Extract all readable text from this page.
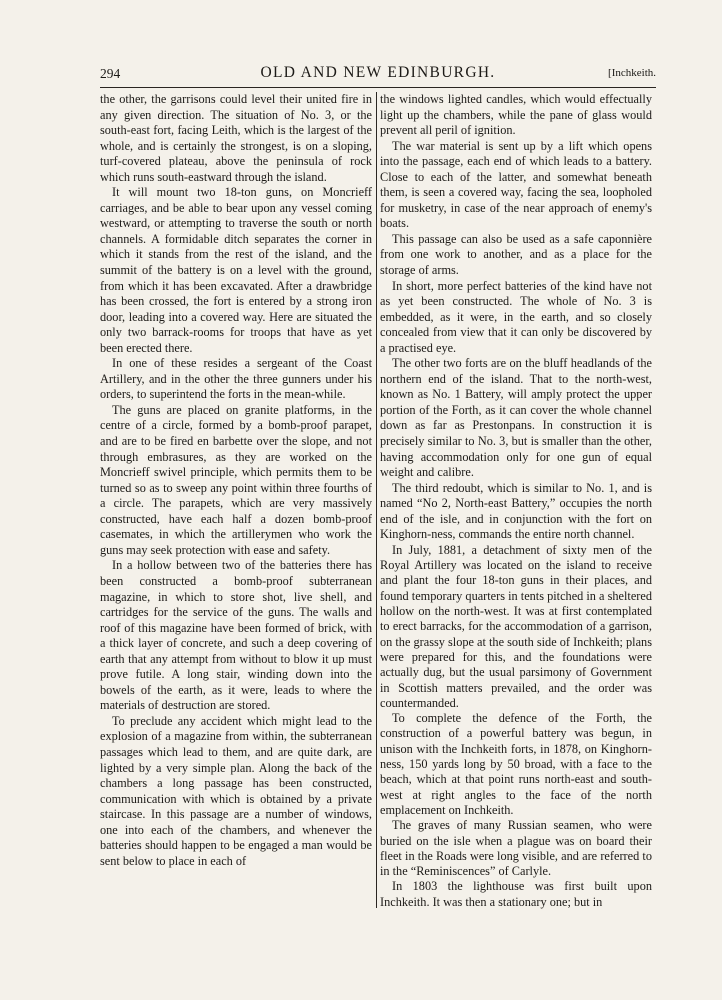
294	OLD AND NEW EDINBURGH.	[Inchkeith.

the other, the garrisons could level their united fire in any given direction. The situation of No. 3, or the south-east fort, facing Leith, which is the largest of the whole, and is certainly the strongest, is on a sloping, turf-covered plateau, above the peninsula of rock which runs south-eastward through the island.

It will mount two 18-ton guns, on Moncrieff carriages, and be able to bear upon any vessel coming westward, or attempting to traverse the south or north channels. A formidable ditch separates the corner in which it stands from the rest of the island, and the summit of the battery is on a level with the ground, from which it has been excavated. After a drawbridge has been crossed, the fort is entered by a strong iron door, leading into a covered way. Here are situated the only two barrack-rooms for troops that have as yet been erected there.

In one of these resides a sergeant of the Coast Artillery, and in the other the three gunners under his orders, to superintend the forts in the mean-while.

The guns are placed on granite platforms, in the centre of a circle, formed by a bomb-proof parapet, and are to be fired en barbette over the slope, and not through embrasures, as they are worked on the Moncrieff swivel principle, which permits them to be turned so as to sweep any point within three fourths of a circle. The parapets, which are very massively constructed, have each half a dozen bomb-proof casemates, in which the artillerymen who work the guns may seek protection with ease and safety.

In a hollow between two of the batteries there has been constructed a bomb-proof subterranean magazine, in which to store shot, live shell, and cartridges for the service of the guns. The walls and roof of this magazine have been formed of brick, with a thick layer of concrete, and such a deep covering of earth that any attempt from without to blow it up must prove futile. A long stair, winding down into the bowels of the earth, as it were, leads to where the materials of destruction are stored.

To preclude any accident which might lead to the explosion of a magazine from within, the subterranean passages which lead to them, and are quite dark, are lighted by a very simple plan. Along the back of the chambers a long passage has been constructed, communication with which is obtained by a private staircase. In this passage are a number of windows, one into each of the chambers, and whenever the batteries should happen to be engaged a man would be sent below to place in each of

the windows lighted candles, which would effectually light up the chambers, while the pane of glass would prevent all peril of ignition.

The war material is sent up by a lift which opens into the passage, each end of which leads to a battery. Close to each of the latter, and somewhat beneath them, is seen a covered way, facing the sea, loopholed for musketry, in case of the near approach of enemy's boats.

This passage can also be used as a safe caponnière from one work to another, and as a place for the storage of arms.

In short, more perfect batteries of the kind have not as yet been constructed. The whole of No. 3 is embedded, as it were, in the earth, and so closely concealed from view that it can only be discovered by a practised eye.

The other two forts are on the bluff headlands of the northern end of the island. That to the north-west, known as No. 1 Battery, will amply protect the upper portion of the Forth, as it can cover the whole channel down as far as Prestonpans. In construction it is precisely similar to No. 3, but is smaller than the other, having accommodation only for one gun of equal weight and calibre.

The third redoubt, which is similar to No. 1, and is named “No 2, North-east Battery,” occupies the north end of the isle, and in conjunction with the fort on Kinghorn-ness, commands the entire north channel.

In July, 1881, a detachment of sixty men of the Royal Artillery was located on the island to receive and plant the four 18-ton guns in their places, and found temporary quarters in tents pitched in a sheltered hollow on the north-west. It was at first contemplated to erect barracks, for the accommodation of a garrison, on the grassy slope at the south side of Inchkeith; plans were prepared for this, and the foundations were actually dug, but the usual parsimony of Government in Scottish matters prevailed, and the order was countermanded.

To complete the defence of the Forth, the construction of a powerful battery was begun, in unison with the Inchkeith forts, in 1878, on Kinghorn-ness, 150 yards long by 50 broad, with a face to the beach, which at that point runs north-east and south-west at right angles to the face of the north emplacement on Inchkeith.

The graves of many Russian seamen, who were buried on the isle when a plague was on board their fleet in the Roads were long visible, and are referred to in the “Reminiscences” of Carlyle.

In 1803 the lighthouse was first built upon Inchkeith. It was then a stationary one; but in
